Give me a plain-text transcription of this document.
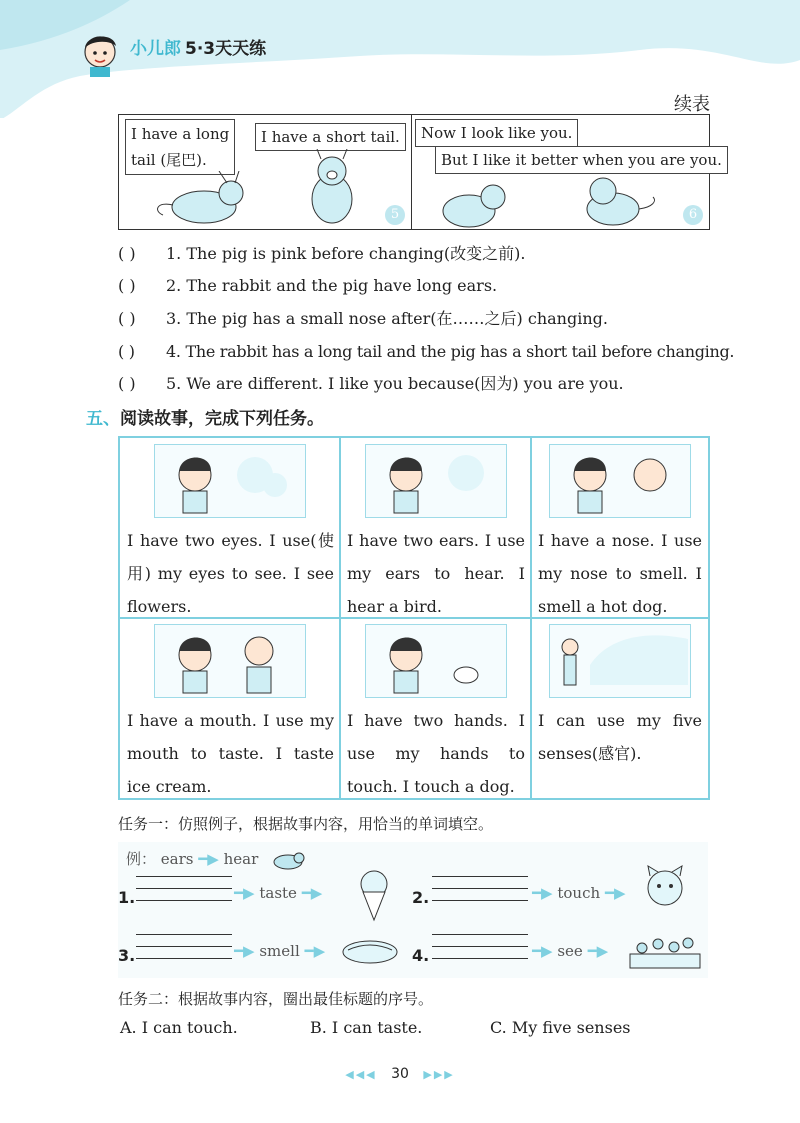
小儿郎 5·3天天练
续表
I have a long
tail (尾巴).
I have a short tail.
5
Now I look like you.
But I like it better when you are you.
6
( ) 1. The pig is pink before changing(改变之前).
( ) 2. The rabbit and the pig have long ears.
( ) 3. The pig has a small nose after(在……之后) changing.
( ) 4. The rabbit has a long tail and the pig has a short tail before changing.
( ) 5. We are different. I like you because(因为) you are you.
五、阅读故事，完成下列任务。
I have two eyes. I use(使用) my eyes to see. I see flowers.
I have two ears. I use my ears to hear. I hear a bird.
I have a nose. I use my nose to smell. I smell a hot dog.
I have a mouth. I use my mouth to taste. I taste ice cream.
I have two hands. I use my hands to touch. I touch a dog.
I can use my five senses(感官).
任务一：仿照例子，根据故事内容，用恰当的单词填空。
例： ears ━▶ hear
1.	━▶ taste ━▶	2.	━▶ touch ━▶
3.	━▶ smell ━▶	4.	━▶ see ━▶
任务二：根据故事内容，圈出最佳标题的序号。
A. I can touch.	B. I can taste.	C. My five senses
◀◀◀ 30 ▶▶▶
